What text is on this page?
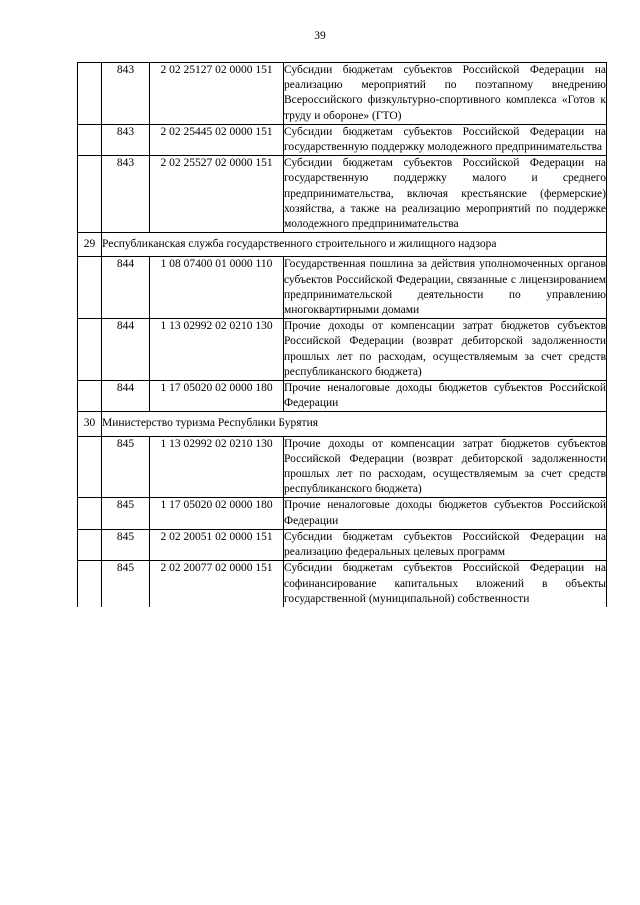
39
	843	2 02 25127 02 0000 151	Субсидии бюджетам субъектов Российской Федерации на реализацию мероприятий по поэтапному внедрению Всероссийского физкультурно-спортивного комплекса «Готов к труду и обороне» (ГТО)
	843	2 02 25445 02 0000 151	Субсидии бюджетам субъектов Российской Федерации на государственную поддержку молодежного предпринимательства
	843	2 02 25527 02 0000 151	Субсидии бюджетам субъектов Российской Федерации на государственную поддержку малого и среднего предпринимательства, включая крестьянские (фермерские) хозяйства, а также на реализацию мероприятий по поддержке молодежного предпринимательства
29	Республиканская служба государственного строительного и жилищного надзора		
	844	1 08 07400 01 0000 110	Государственная пошлина за действия уполномоченных органов субъектов Российской Федерации, связанные с лицензированием предпринимательской деятельности по управлению многоквартирными домами
	844	1 13 02992 02 0210 130	Прочие доходы от компенсации затрат бюджетов субъектов Российской Федерации (возврат дебиторской задолженности прошлых лет по расходам, осуществляемым за счет средств республиканского бюджета)
	844	1 17 05020 02 0000 180	Прочие неналоговые доходы бюджетов субъектов Российской Федерации
30	Министерство туризма Республики Бурятия		
	845	1 13 02992 02 0210 130	Прочие доходы от компенсации затрат бюджетов субъектов Российской Федерации (возврат дебиторской задолженности прошлых лет по расходам, осуществляемым за счет средств республиканского бюджета)
	845	1 17 05020 02 0000 180	Прочие неналоговые доходы бюджетов субъектов Российской Федерации
	845	2 02 20051 02 0000 151	Субсидии бюджетам субъектов Российской Федерации на реализацию федеральных целевых программ
	845	2 02 20077 02 0000 151	Субсидии бюджетам субъектов Российской Федерации на софинансирование капитальных вложений в объекты государственной (муниципальной) собственности
